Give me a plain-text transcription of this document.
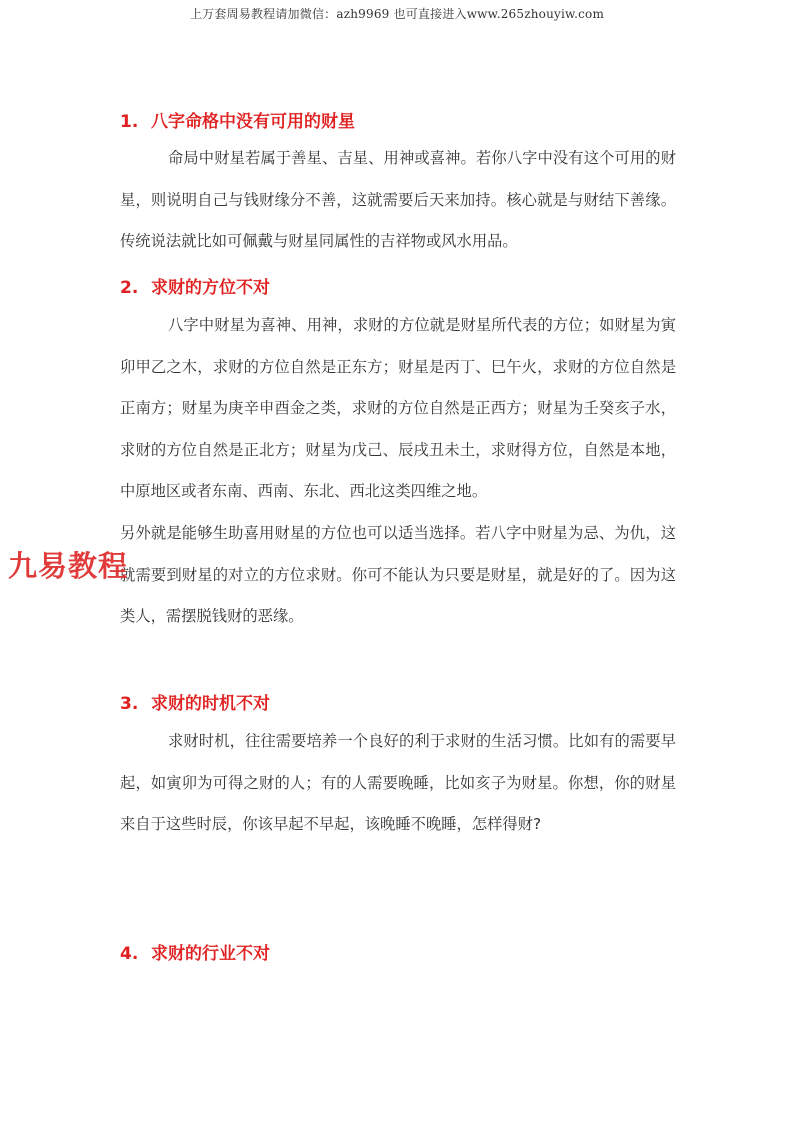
上万套周易教程请加微信：azh9969 也可直接进入www.265zhouyiw.com
1. 八字命格中没有可用的财星

命局中财星若属于善星、吉星、用神或喜神。若你八字中没有这个可用的财星，则说明自己与钱财缘分不善，这就需要后天来加持。核心就是与财结下善缘。传统说法就比如可佩戴与财星同属性的吉祥物或风水用品。

2. 求财的方位不对

八字中财星为喜神、用神，求财的方位就是财星所代表的方位；如财星为寅卯甲乙之木，求财的方位自然是正东方；财星是丙丁、巳午火，求财的方位自然是正南方；财星为庚辛申酉金之类，求财的方位自然是正西方；财星为壬癸亥子水，求财的方位自然是正北方；财星为戊己、辰戌丑未土，求财得方位，自然是本地，中原地区或者东南、西南、东北、西北这类四维之地。

另外就是能够生助喜用财星的方位也可以适当选择。若八字中财星为忌、为仇，这就需要到财星的对立的方位求财。你可不能认为只要是财星，就是好的了。因为这类人，需摆脱钱财的恶缘。

3. 求财的时机不对

求财时机，往往需要培养一个良好的利于求财的生活习惯。比如有的需要早起，如寅卯为可得之财的人；有的人需要晚睡，比如亥子为财星。你想，你的财星来自于这些时辰，你该早起不早起，该晚睡不晚睡，怎样得财?

4. 求财的行业不对
九易教程
